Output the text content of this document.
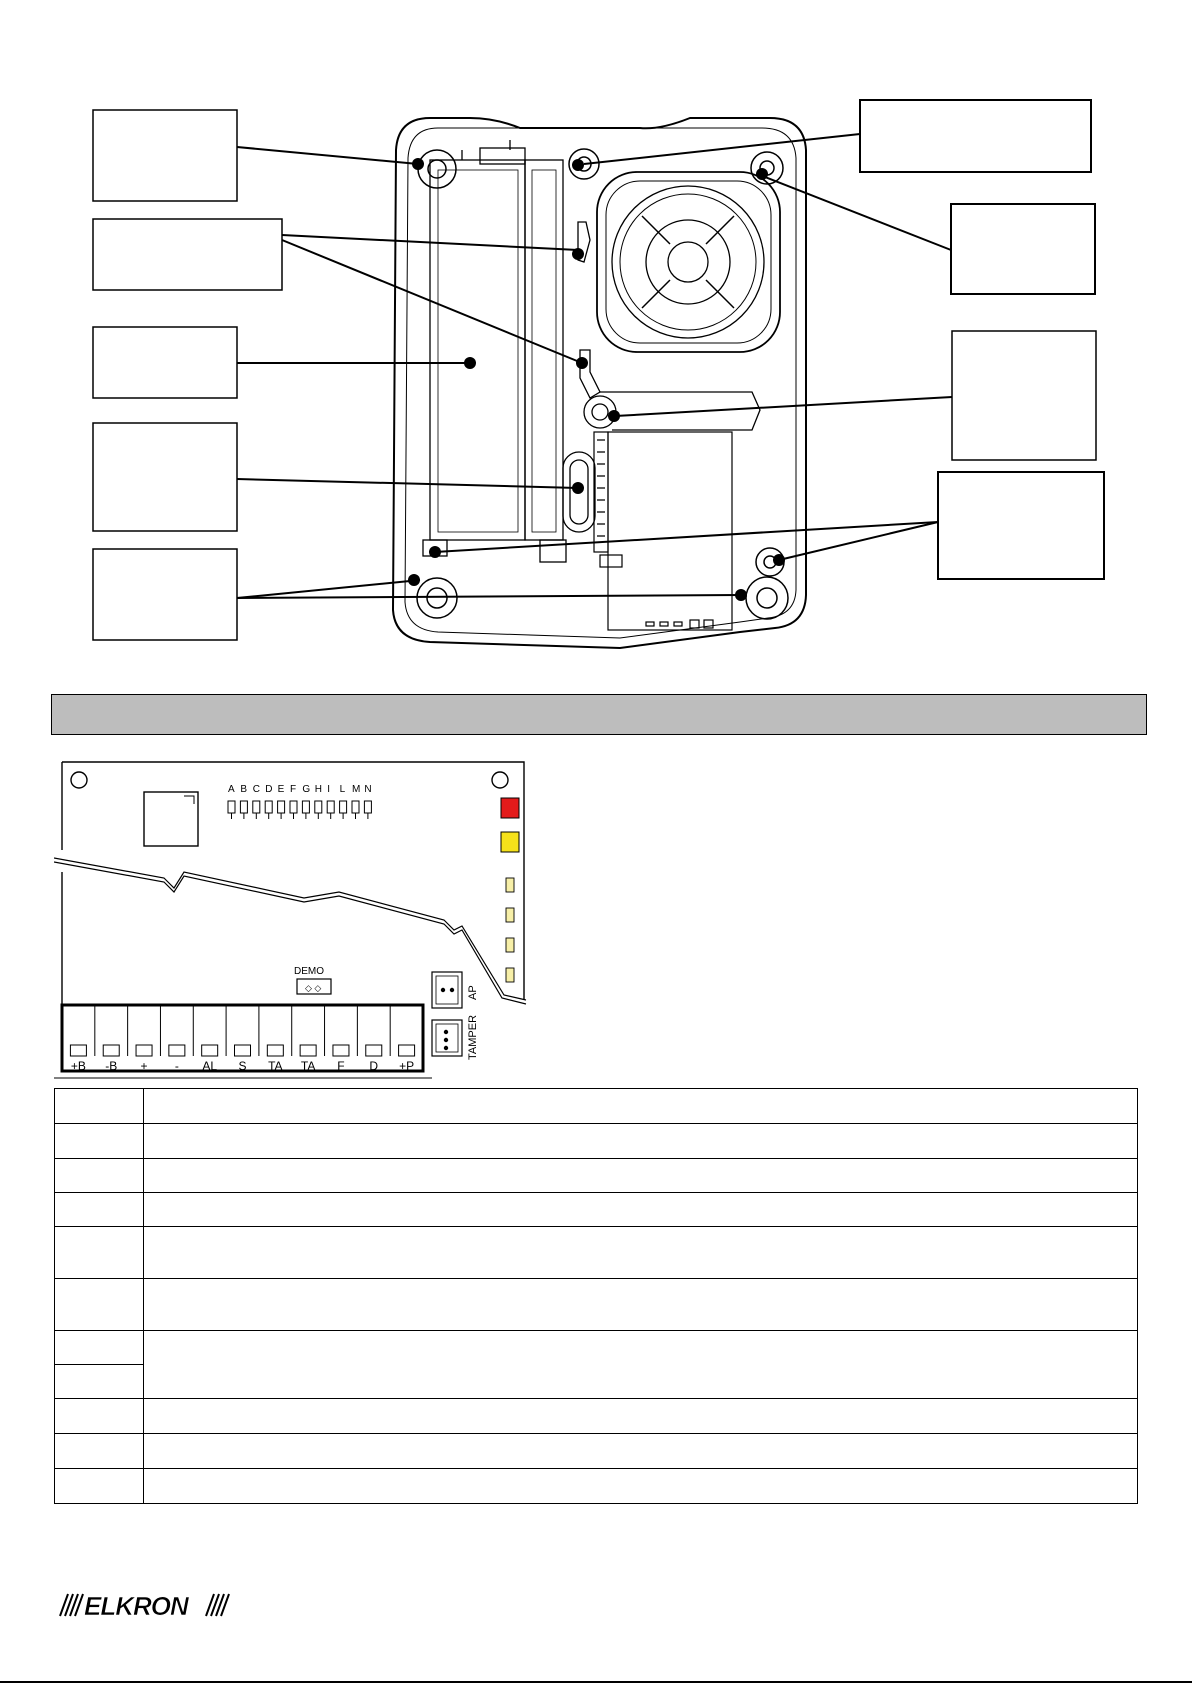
A B C D E F G H I L M N
DEMO
◇ ◇	AP
TAMPER
+B -B + - AL S TA TA F D +P

ELKRON
